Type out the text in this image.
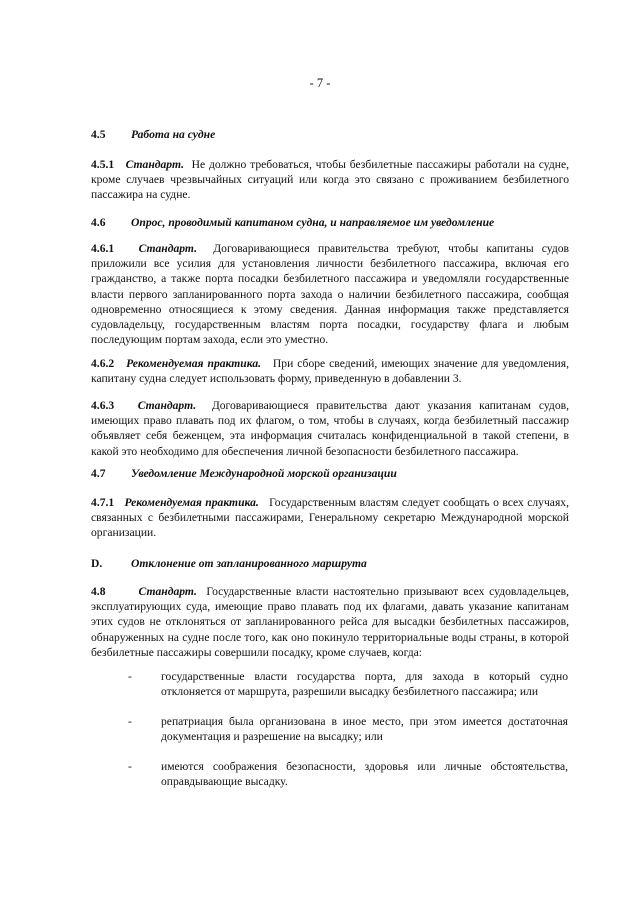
- 7 -
4.5 Работа на судне
4.5.1 Стандарт. Не должно требоваться, чтобы безбилетные пассажиры работали на судне, кроме случаев чрезвычайных ситуаций или когда это связано с проживанием безбилетного пассажира на судне.
4.6 Опрос, проводимый капитаном судна, и направляемое им уведомление
4.6.1 Стандарт. Договаривающиеся правительства требуют, чтобы капитаны судов приложили все усилия для установления личности безбилетного пассажира, включая его гражданство, а также порта посадки безбилетного пассажира и уведомляли государственные власти первого запланированного порта захода о наличии безбилетного пассажира, сообщая одновременно относящиеся к этому сведения. Данная информация также представляется судовладельцу, государственным властям порта посадки, государству флага и любым последующим портам захода, если это уместно.
4.6.2 Рекомендуемая практика. При сборе сведений, имеющих значение для уведомления, капитану судна следует использовать форму, приведенную в добавлении 3.
4.6.3 Стандарт. Договаривающиеся правительства дают указания капитанам судов, имеющих право плавать под их флагом, о том, чтобы в случаях, когда безбилетный пассажир объявляет себя беженцем, эта информация считалась конфиденциальной в такой степени, в какой это необходимо для обеспечения личной безопасности безбилетного пассажира.
4.7 Уведомление Международной морской организации
4.7.1 Рекомендуемая практика. Государственным властям следует сообщать о всех случаях, связанных с безбилетными пассажирами, Генеральному секретарю Международной морской организации.
D. Отклонение от запланированного маршрута
4.8	Стандарт. Государственные власти настоятельно призывают всех судовладельцев, эксплуатирующих суда, имеющие право плавать под их флагами, давать указание капитанам этих судов не отклоняться от запланированного рейса для высадки безбилетных пассажиров, обнаруженных на судне после того, как оно покинуло территориальные воды страны, в которой безбилетные пассажиры совершили посадку, кроме случаев, когда:
-	государственные власти государства порта, для захода в который судно отклоняется от маршрута, разрешили высадку безбилетного пассажира; или
-	репатриация была организована в иное место, при этом имеется достаточная документация и разрешение на высадку; или
-	имеются соображения безопасности, здоровья или личные обстоятельства, оправдывающие высадку.
